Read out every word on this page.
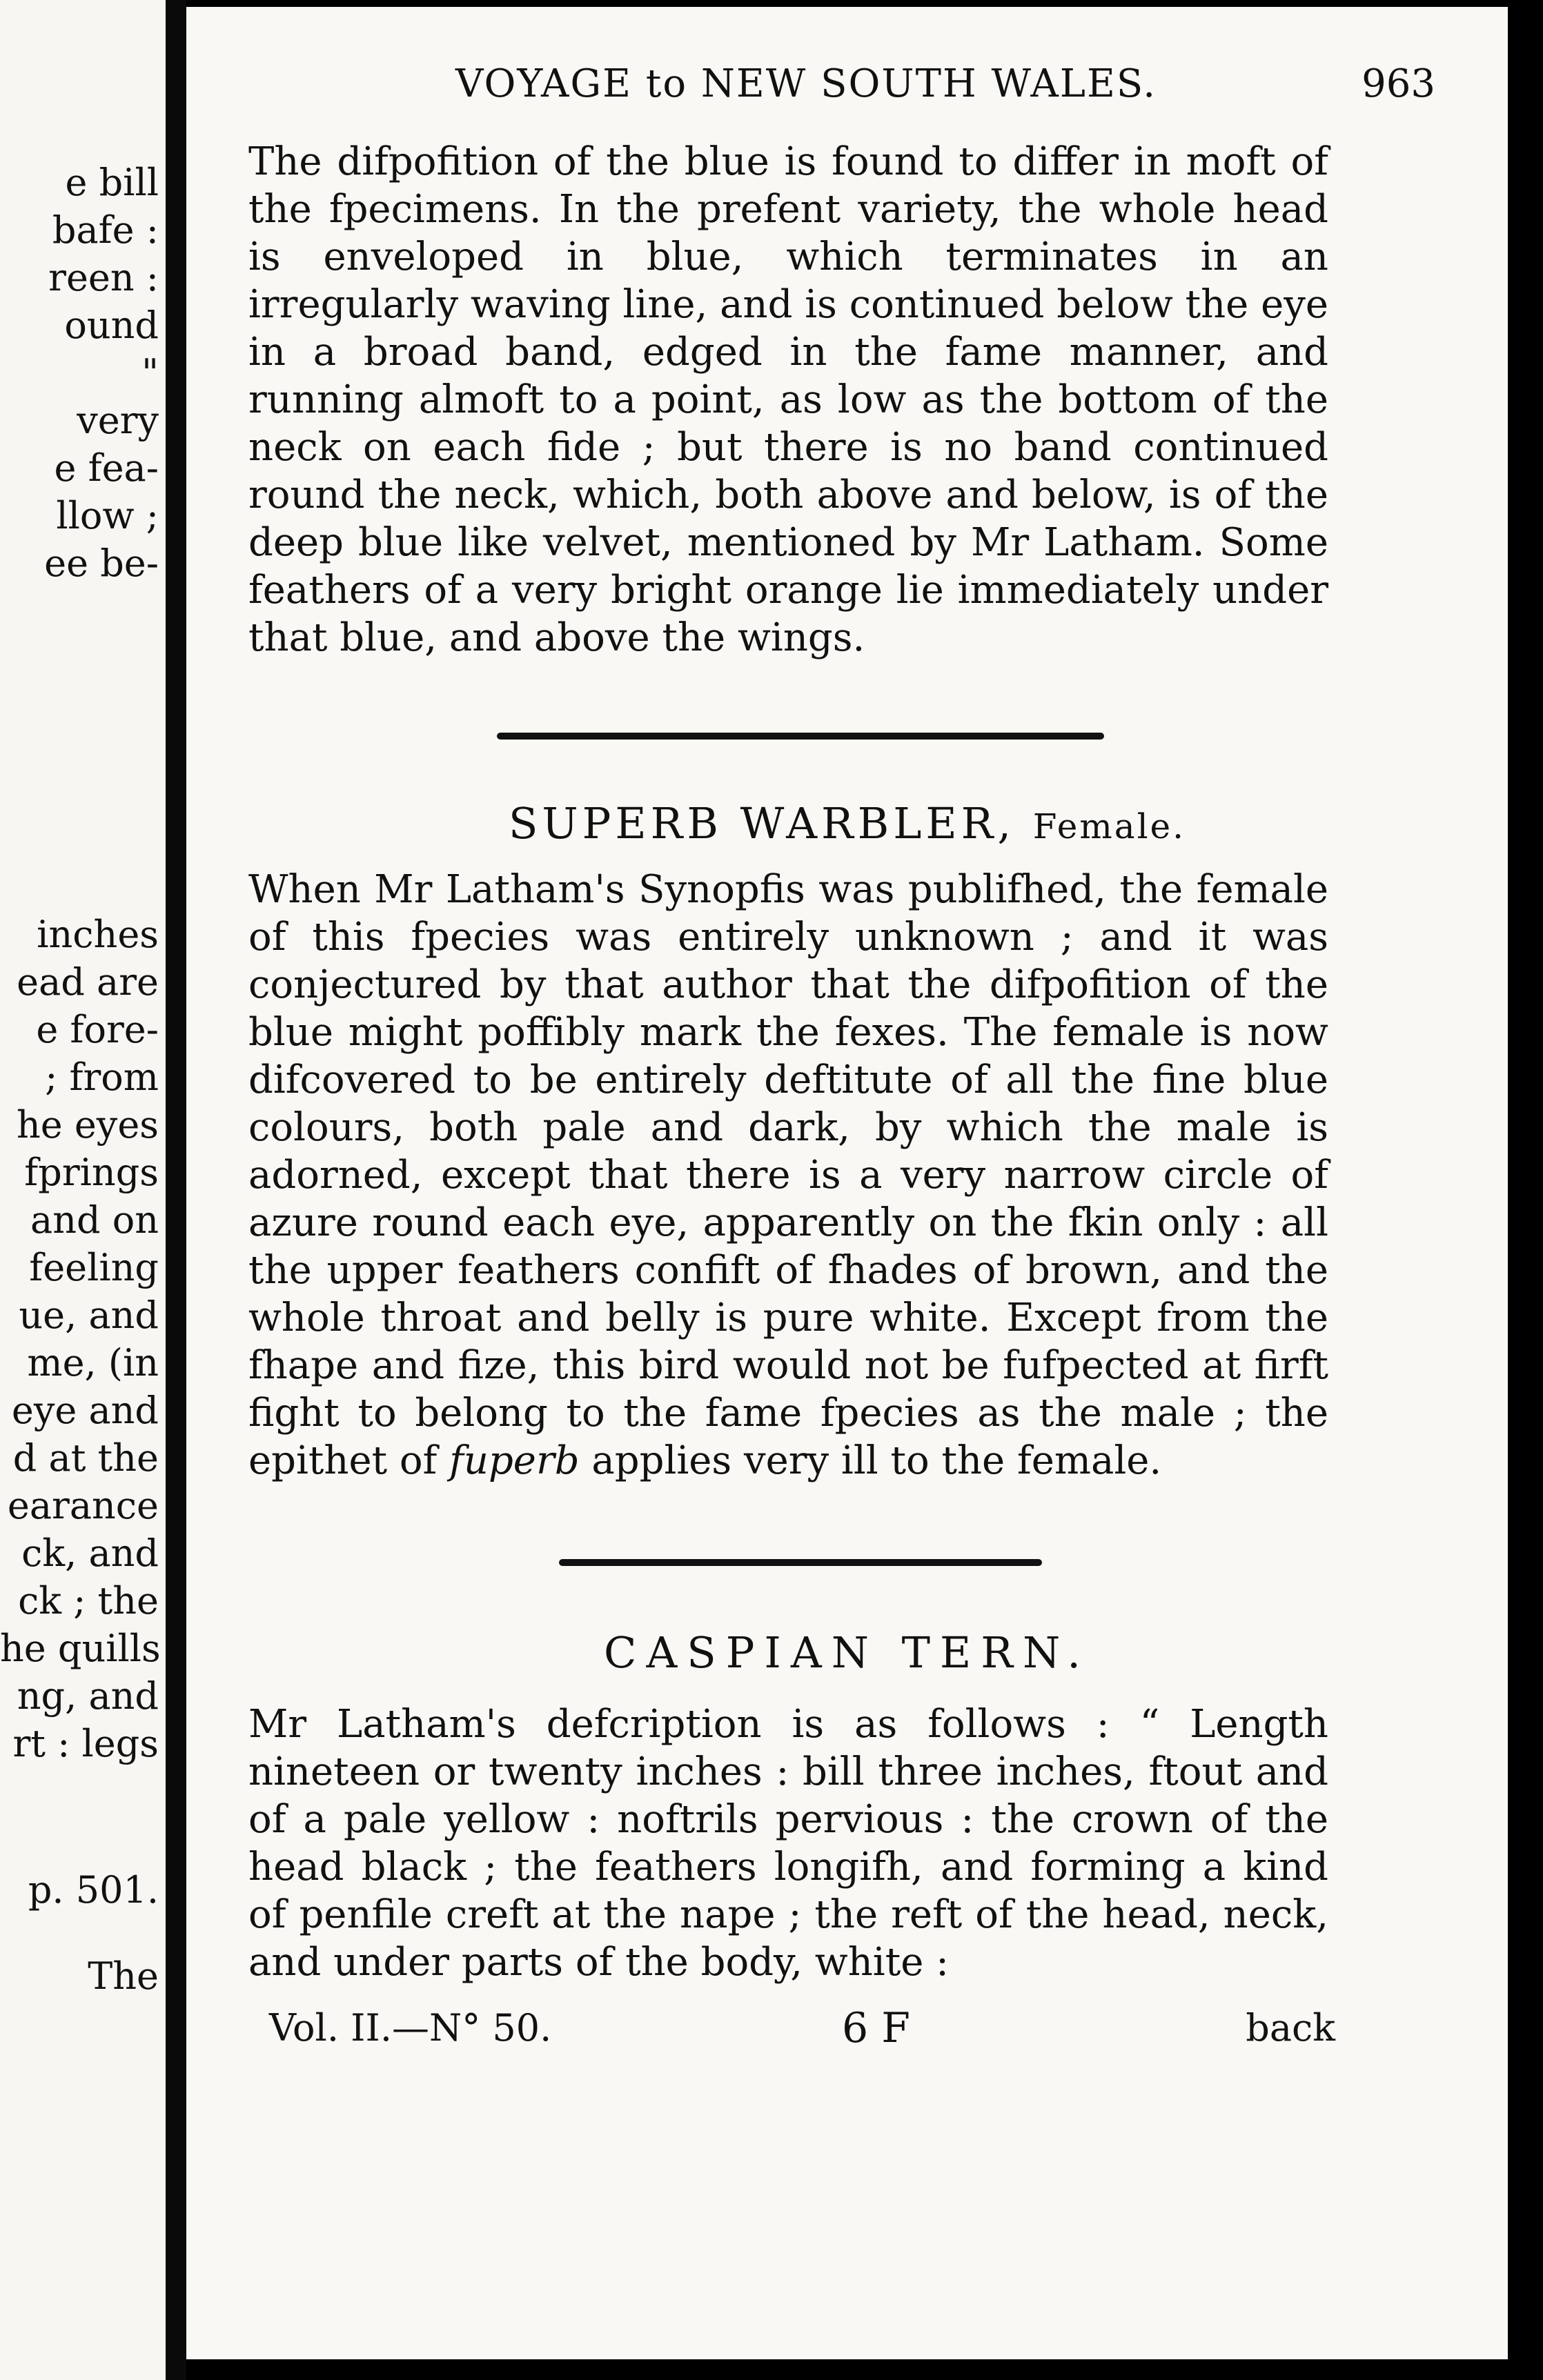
e bill
bafe :
reen :
ound
"
very
e fea-
llow ;
ee be-
inches
ead are
e fore-
; from
he eyes
fprings
and on
feeling
ue, and
me, (in
eye and
d at the
earance
ck, and
ck ; the
he quills
ng, and
rt : legs
p. 501.
The
VOYAGE to NEW SOUTH WALES.	963

The difpofition of the blue is found to differ in moft of the fpecimens. In the prefent variety, the whole head is enveloped in blue, which terminates in an irregularly waving line, and is continued below the eye in a broad band, edged in the fame manner, and running almoft to a point, as low as the bottom of the neck on each fide ; but there is no band continued round the neck, which, both above and below, is of the deep blue like velvet, mentioned by Mr Latham. Some feathers of a very bright orange lie immediately under that blue, and above the wings.

SUPERB WARBLER, Female.

When Mr Latham's Synopfis was publifhed, the female of this fpecies was entirely unknown ; and it was conjectured by that author that the difpofition of the blue might poffibly mark the fexes. The female is now difcovered to be entirely deftitute of all the fine blue colours, both pale and dark, by which the male is adorned, except that there is a very narrow circle of azure round each eye, apparently on the fkin only : all the upper feathers confift of fhades of brown, and the whole throat and belly is pure white. Except from the fhape and fize, this bird would not be fufpected at firft fight to belong to the fame fpecies as the male ; the epithet of fuperb applies very ill to the female.

CASPIAN TERN.

Mr Latham's defcription is as follows : “ Length nineteen or twenty inches : bill three inches, ftout and of a pale yellow : noftrils pervious : the crown of the head black ; the feathers longifh, and forming a kind of penfile creft at the nape ; the reft of the head, neck, and under parts of the body, white :

Vol. II.—N° 50.	6 F	back
